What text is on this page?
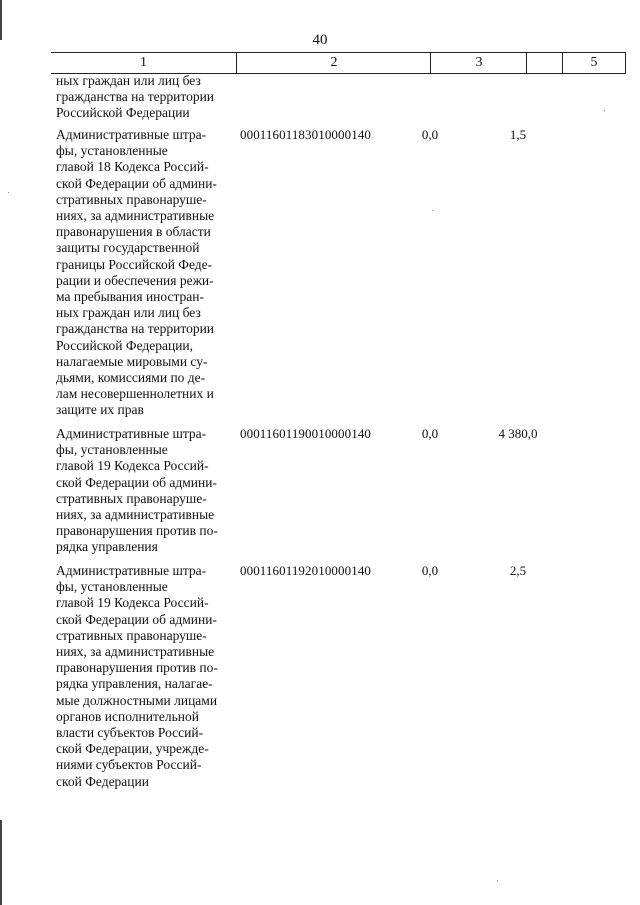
40
1	2	3	5
ных граждан или лиц без гражданства на территории Российской Федерации
Административные штра-
фы, установленные
главой 18 Кодекса Россий-
ской Федерации об админи-
стративных правонаруше-
ниях, за административные
правонарушения в области
защиты государственной
границы Российской Феде-
рации и обеспечения режи-
ма пребывания иностран-
ных граждан или лиц без
гражданства на территории
Российской Федерации,
налагаемые мировыми су-
дьями, комиссиями по де-
лам несовершеннолетних и
защите их прав
00011601183010000140	0,0	1,5
Административные штра-
фы, установленные
главой 19 Кодекса Россий-
ской Федерации об админи-
стративных правонаруше-
ниях, за административные
правонарушения против по-
рядка управления
00011601190010000140	0,0	4 380,0
Административные штра-
фы, установленные
главой 19 Кодекса Россий-
ской Федерации об админи-
стративных правонаруше-
ниях, за административные
правонарушения против по-
рядка управления, налагае-
мые должностными лицами
органов исполнительной
власти субъектов Россий-
ской Федерации, учрежде-
ниями субъектов Россий-
ской Федерации
00011601192010000140	0,0	2,5
